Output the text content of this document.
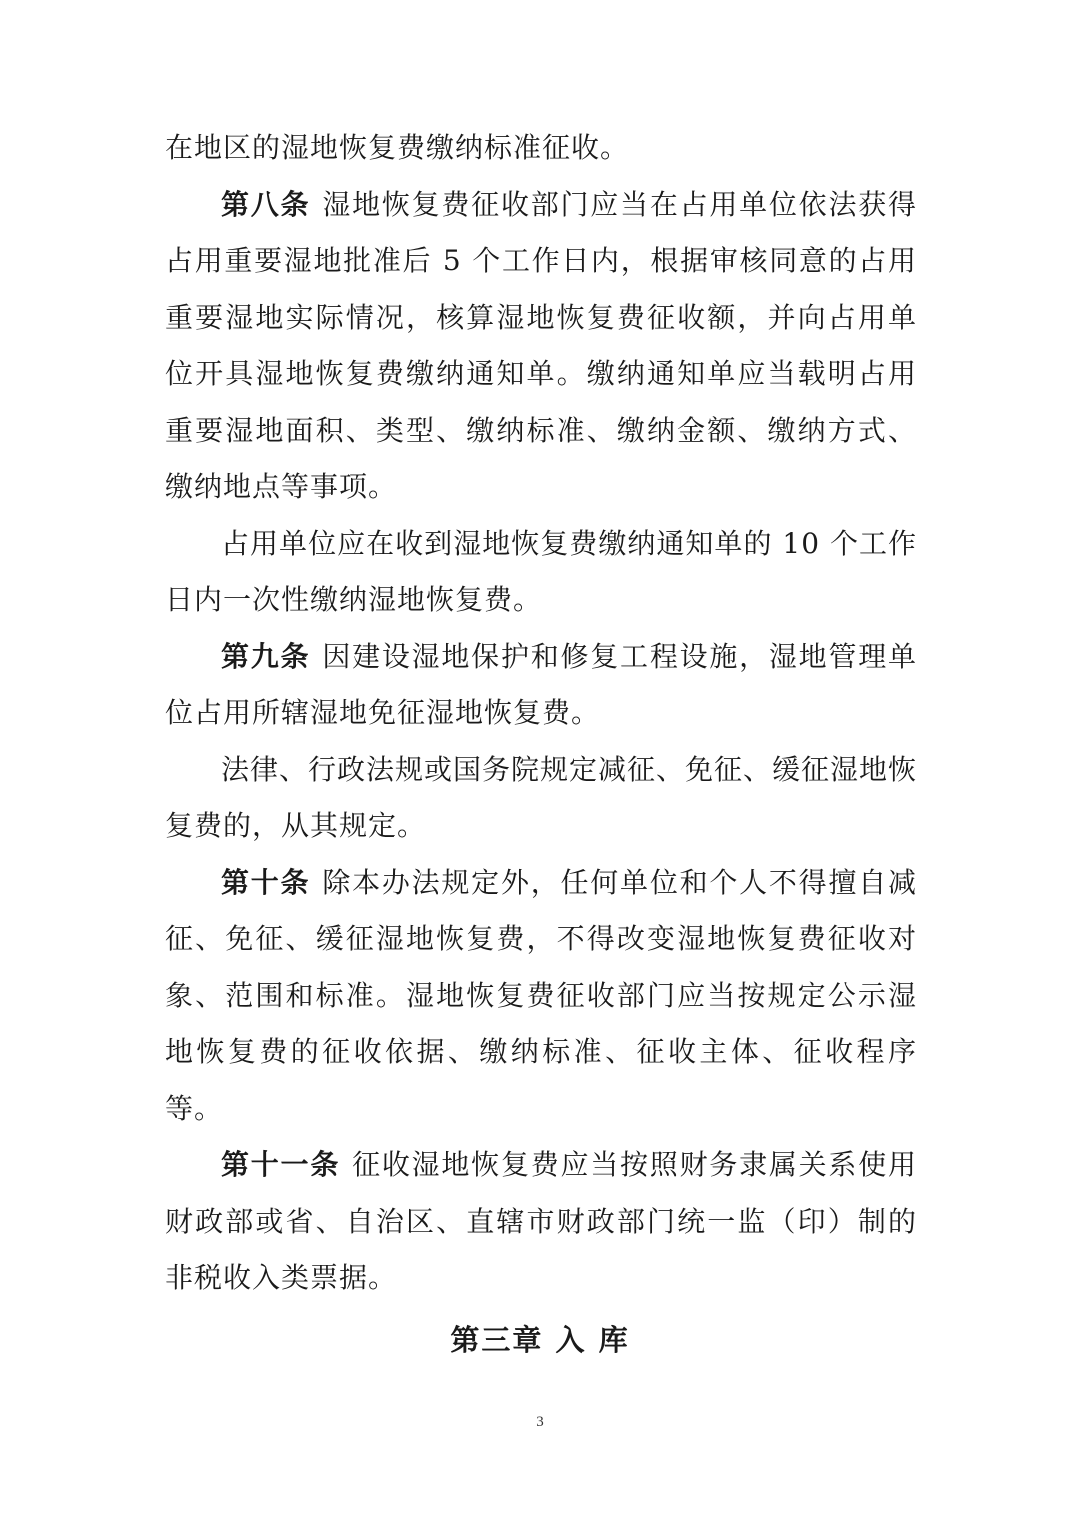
在地区的湿地恢复费缴纳标准征收。

第八条 湿地恢复费征收部门应当在占用单位依法获得占用重要湿地批准后 5 个工作日内，根据审核同意的占用重要湿地实际情况，核算湿地恢复费征收额，并向占用单位开具湿地恢复费缴纳通知单。缴纳通知单应当载明占用重要湿地面积、类型、缴纳标准、缴纳金额、缴纳方式、缴纳地点等事项。

占用单位应在收到湿地恢复费缴纳通知单的 10 个工作日内一次性缴纳湿地恢复费。

第九条 因建设湿地保护和修复工程设施，湿地管理单位占用所辖湿地免征湿地恢复费。

法律、行政法规或国务院规定减征、免征、缓征湿地恢复费的，从其规定。

第十条 除本办法规定外，任何单位和个人不得擅自减征、免征、缓征湿地恢复费，不得改变湿地恢复费征收对象、范围和标准。湿地恢复费征收部门应当按规定公示湿地恢复费的征收依据、缴纳标准、征收主体、征收程序等。

第十一条 征收湿地恢复费应当按照财务隶属关系使用财政部或省、自治区、直辖市财政部门统一监（印）制的非税收入类票据。

第三章 入 库
3
